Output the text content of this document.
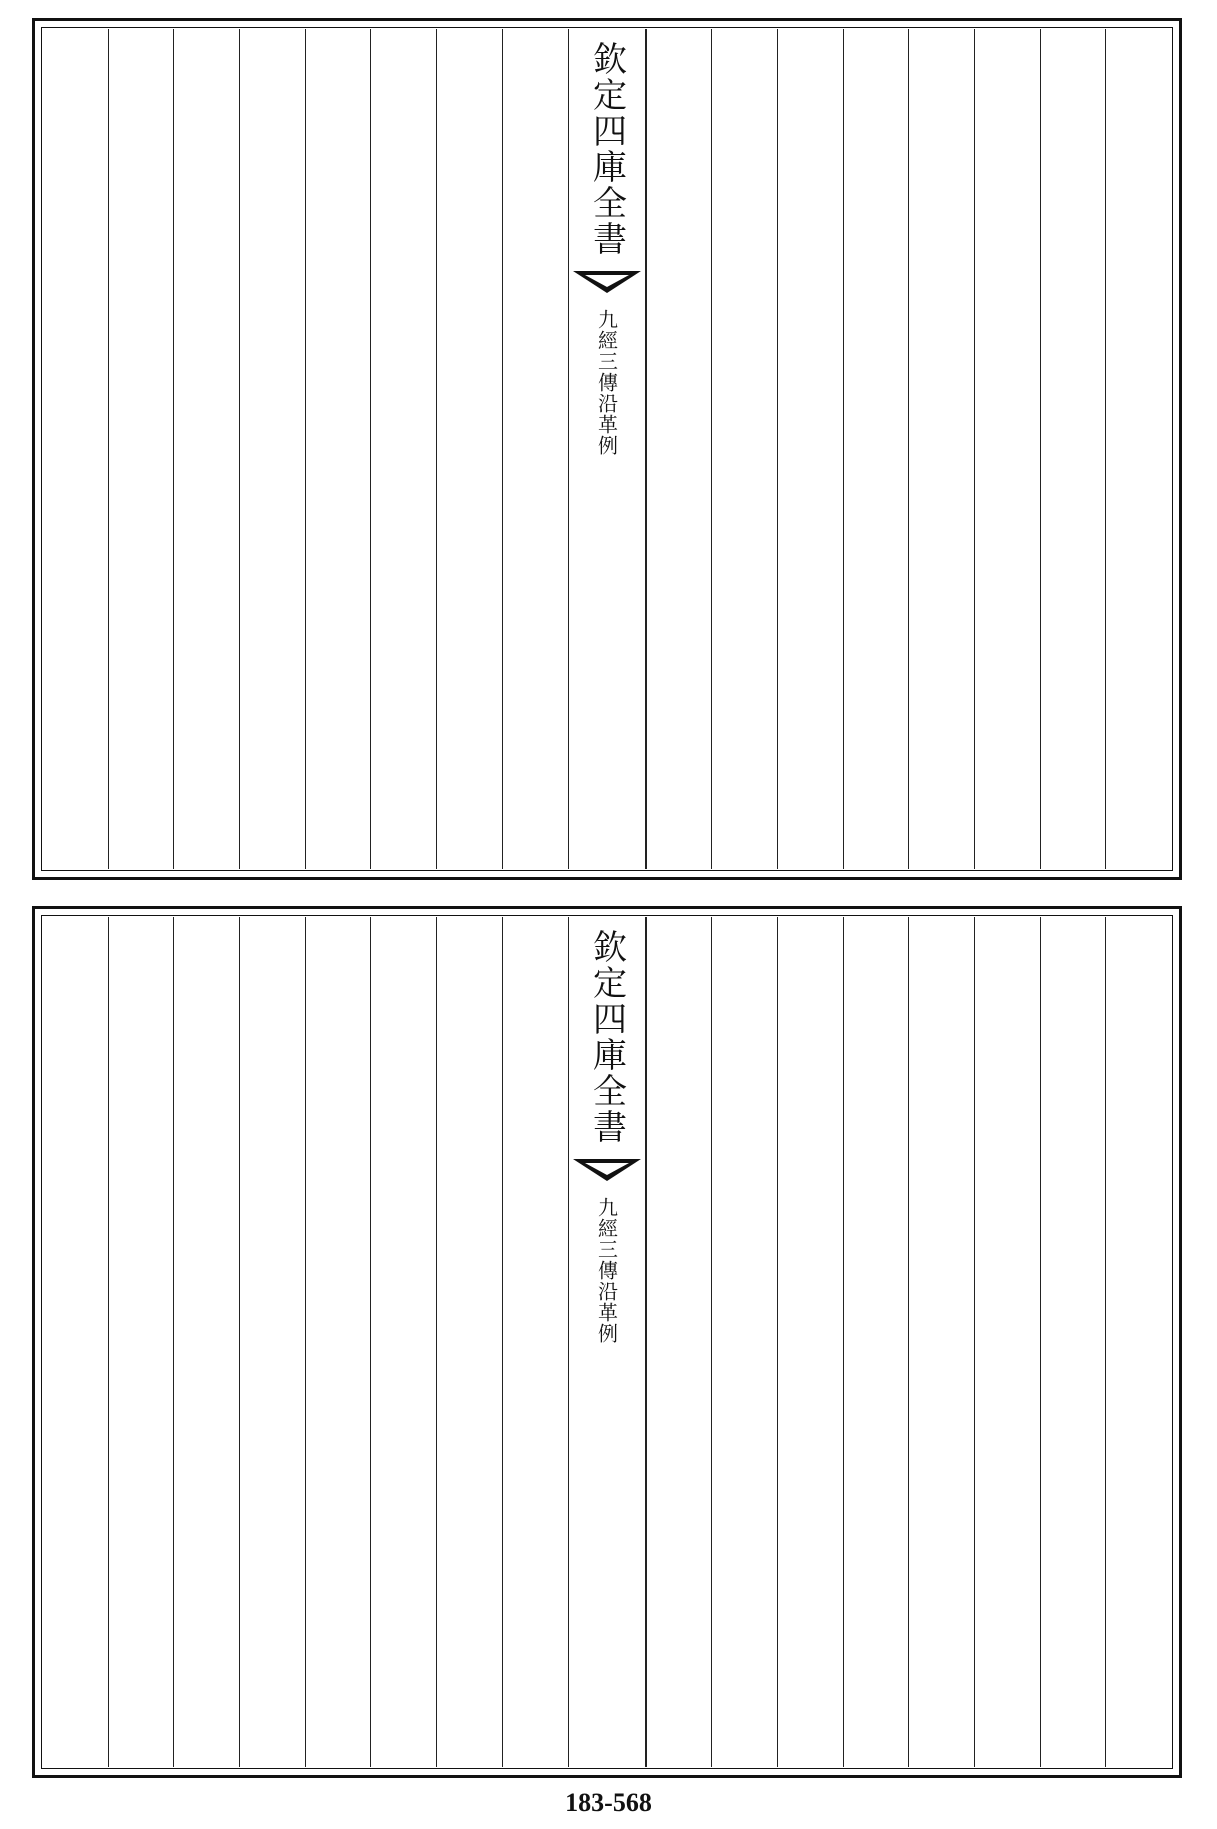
欽定四庫全書
九經三傳沿革例
欽定四庫全書
九經三傳沿革例
183-568
